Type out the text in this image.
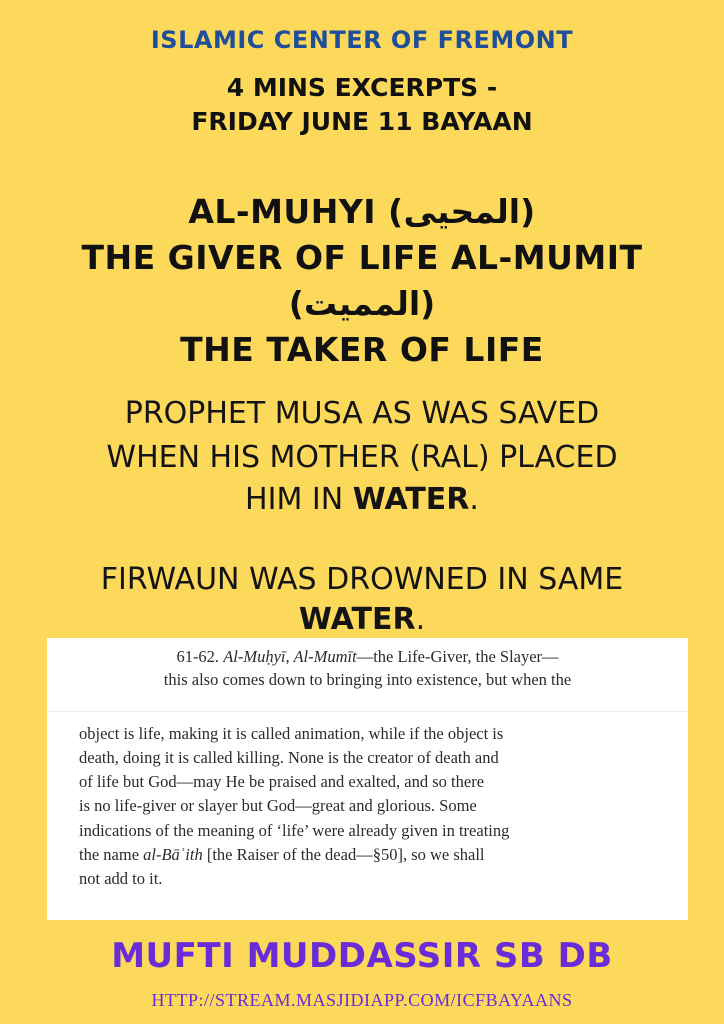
ISLAMIC CENTER OF FREMONT
4 MINS EXCERPTS -
FRIDAY JUNE 11 BAYAAN
AL-MUHYI (المحيى)
THE GIVER OF LIFE AL-MUMIT
(المميت)
THE TAKER OF LIFE
PROPHET MUSA AS WAS SAVED
WHEN HIS MOTHER (RAL) PLACED
HIM IN WATER.
FIRWAUN WAS DROWNED IN SAME
WATER.
61-62. Al-Muḥyī, Al-Mumīt—the Life-Giver, the Slayer—
this also comes down to bringing into existence, but when the
object is life, making it is called animation, while if the object is
death, doing it is called killing. None is the creator of death and
of life but God—may He be praised and exalted, and so there
is no life-giver or slayer but God—great and glorious. Some
indications of the meaning of ‘life’ were already given in treating
the name al-Bāʿith [the Raiser of the dead—§50], so we shall
not add to it.
MUFTI MUDDASSIR SB DB
HTTP://STREAM.MASJIDIAPP.COM/ICFBAYAANS
